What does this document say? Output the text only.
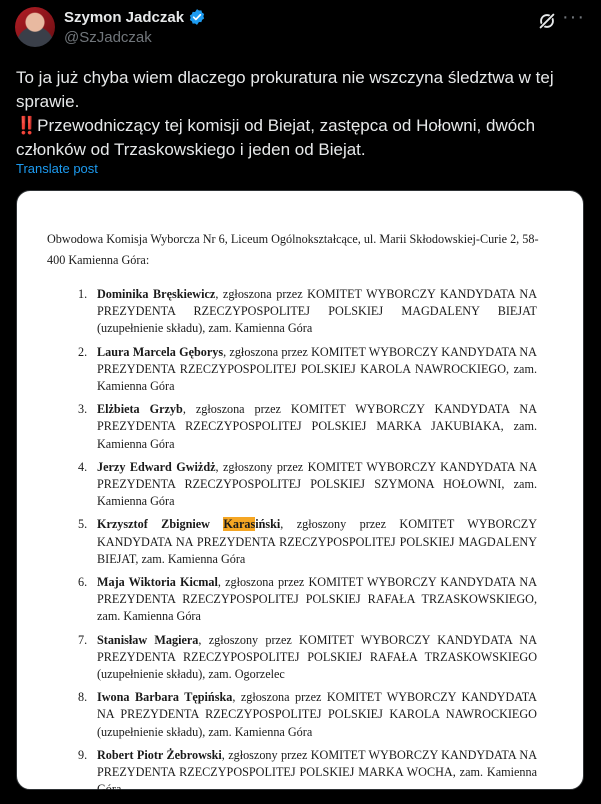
Szymon Jadczak
@SzJadczak
···

To ja już chyba wiem dlaczego prokuratura nie wszczyna śledztwa w tej sprawie.

‼️Przewodniczący tej komisji od Biejat, zastępca od Hołowni, dwóch członków od Trzaskowskiego i jeden od Biejat.

Translate post
Obwodowa Komisja Wyborcza Nr 6, Liceum Ogólnokształcące, ul. Marii Skłodowskiej-Curie 2, 58-400 Kamienna Góra:
1. Dominika Bręskiewicz, zgłoszona przez KOMITET WYBORCZY KANDYDATA NA PREZYDENTA RZECZYPOSPOLITEJ POLSKIEJ MAGDALENY BIEJAT (uzupełnienie składu), zam. Kamienna Góra
2. Laura Marcela Gęborys, zgłoszona przez KOMITET WYBORCZY KANDYDATA NA PREZYDENTA RZECZYPOSPOLITEJ POLSKIEJ KAROLA NAWROCKIEGO, zam. Kamienna Góra
3. Elżbieta Grzyb, zgłoszona przez KOMITET WYBORCZY KANDYDATA NA PREZYDENTA RZECZYPOSPOLITEJ POLSKIEJ MARKA JAKUBIAKA, zam. Kamienna Góra
4. Jerzy Edward Gwiżdż, zgłoszony przez KOMITET WYBORCZY KANDYDATA NA PREZYDENTA RZECZYPOSPOLITEJ POLSKIEJ SZYMONA HOŁOWNI, zam. Kamienna Góra
5. Krzysztof Zbigniew Karasiński, zgłoszony przez KOMITET WYBORCZY KANDYDATA NA PREZYDENTA RZECZYPOSPOLITEJ POLSKIEJ MAGDALENY BIEJAT, zam. Kamienna Góra
6. Maja Wiktoria Kicmal, zgłoszona przez KOMITET WYBORCZY KANDYDATA NA PREZYDENTA RZECZYPOSPOLITEJ POLSKIEJ RAFAŁA TRZASKOWSKIEGO, zam. Kamienna Góra
7. Stanisław Magiera, zgłoszony przez KOMITET WYBORCZY KANDYDATA NA PREZYDENTA RZECZYPOSPOLITEJ POLSKIEJ RAFAŁA TRZASKOWSKIEGO (uzupełnienie składu), zam. Ogorzelec
8. Iwona Barbara Tępińska, zgłoszona przez KOMITET WYBORCZY KANDYDATA NA PREZYDENTA RZECZYPOSPOLITEJ POLSKIEJ KAROLA NAWROCKIEGO (uzupełnienie składu), zam. Kamienna Góra
9. Robert Piotr Żebrowski, zgłoszony przez KOMITET WYBORCZY KANDYDATA NA PREZYDENTA RZECZYPOSPOLITEJ POLSKIEJ MARKA WOCHA, zam. Kamienna
